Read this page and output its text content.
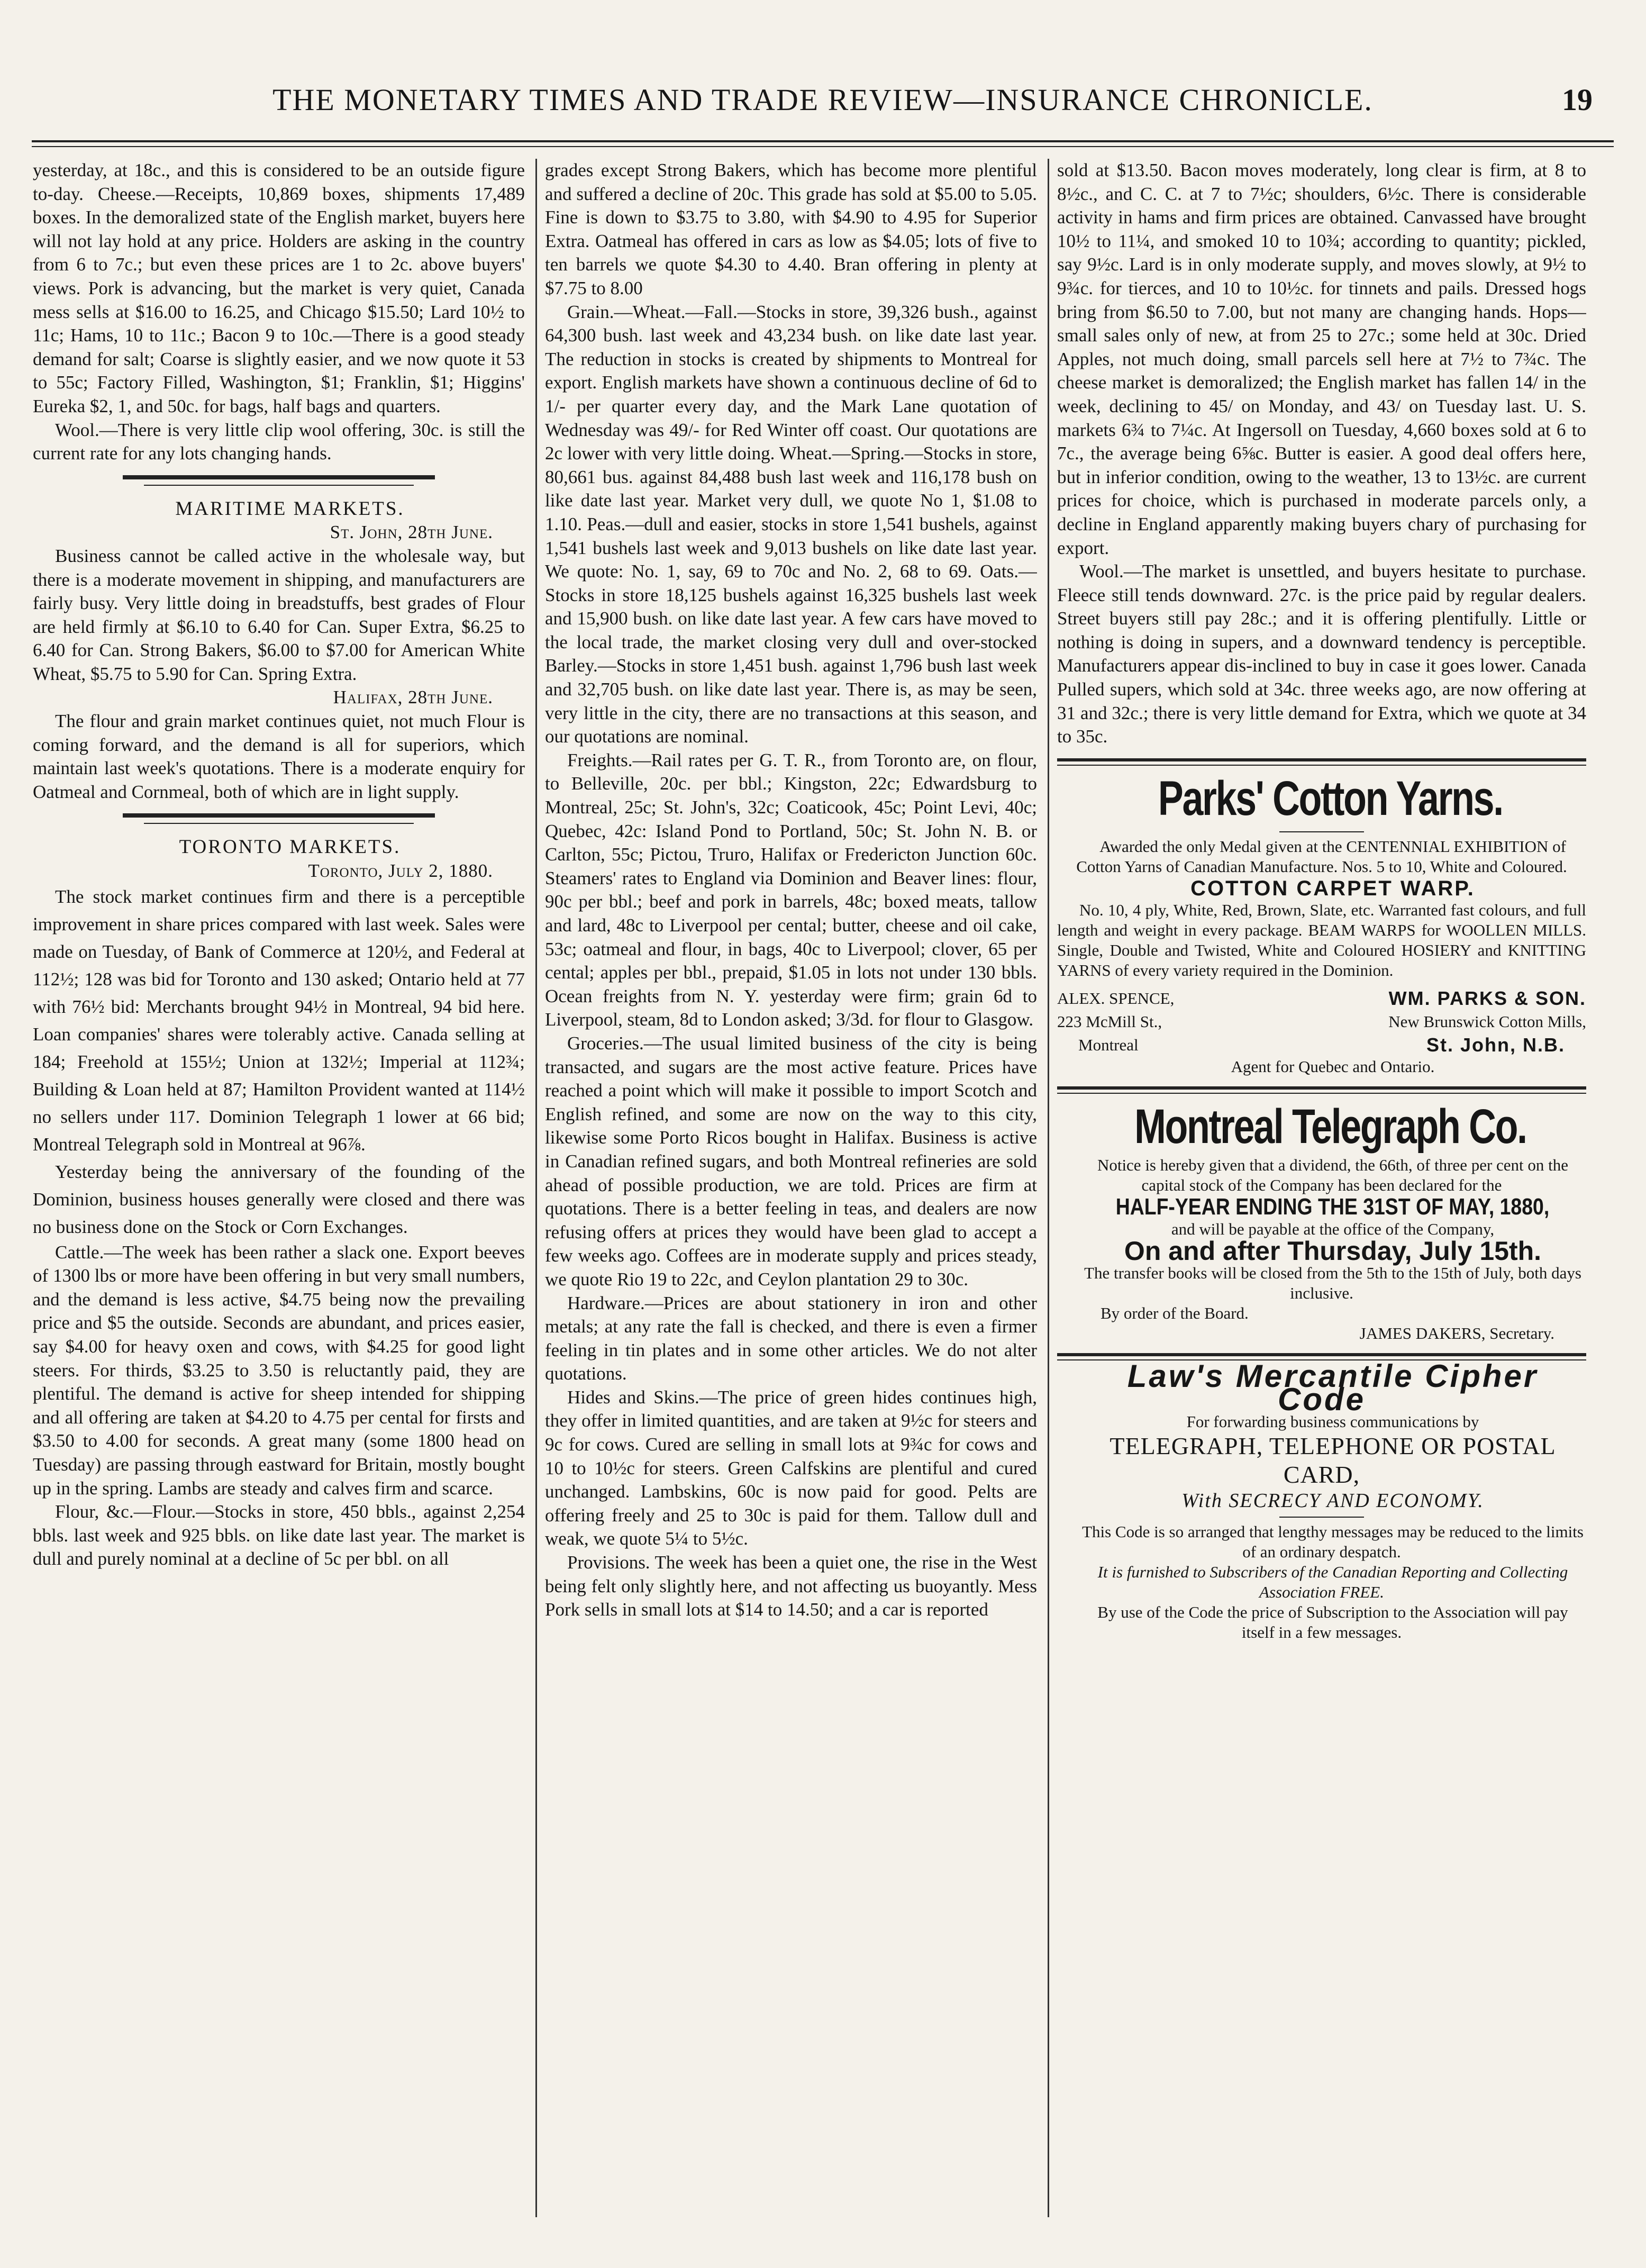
THE MONETARY TIMES AND TRADE REVIEW—INSURANCE CHRONICLE.	19

yesterday, at 18c., and this is considered to be an outside figure to-day. Cheese.—Receipts, 10,869 boxes, shipments 17,489 boxes. In the demoralized state of the English market, buyers here will not lay hold at any price. Holders are asking in the country from 6 to 7c.; but even these prices are 1 to 2c. above buyers' views. Pork is advancing, but the market is very quiet, Canada mess sells at $16.00 to 16.25, and Chicago $15.50; Lard 10½ to 11c; Hams, 10 to 11c.; Bacon 9 to 10c.—There is a good steady demand for salt; Coarse is slightly easier, and we now quote it 53 to 55c; Factory Filled, Washington, $1; Franklin, $1; Higgins' Eureka $2, 1, and 50c. for bags, half bags and quarters.

Wool.—There is very little clip wool offering, 30c. is still the current rate for any lots changing hands.

MARITIME MARKETS.

St. John, 28th June.

Business cannot be called active in the wholesale way, but there is a moderate movement in shipping, and manufacturers are fairly busy. Very little doing in breadstuffs, best grades of Flour are held firmly at $6.10 to 6.40 for Can. Super Extra, $6.25 to 6.40 for Can. Strong Bakers, $6.00 to $7.00 for American White Wheat, $5.75 to 5.90 for Can. Spring Extra.

Halifax, 28th June.

The flour and grain market continues quiet, not much Flour is coming forward, and the demand is all for superiors, which maintain last week's quotations. There is a moderate enquiry for Oatmeal and Cornmeal, both of which are in light supply.

TORONTO MARKETS.

Toronto, July 2, 1880.

The stock market continues firm and there is a perceptible improvement in share prices compared with last week. Sales were made on Tuesday, of Bank of Commerce at 120½, and Federal at 112½; 128 was bid for Toronto and 130 asked; Ontario held at 77 with 76½ bid: Merchants brought 94½ in Montreal, 94 bid here. Loan companies' shares were tolerably active. Canada selling at 184; Freehold at 155½; Union at 132½; Imperial at 112¾; Building & Loan held at 87; Hamilton Provident wanted at 114½ no sellers under 117. Dominion Telegraph 1 lower at 66 bid; Montreal Telegraph sold in Montreal at 96⅞.

Yesterday being the anniversary of the founding of the Dominion, business houses generally were closed and there was no business done on the Stock or Corn Exchanges.

Cattle.—The week has been rather a slack one. Export beeves of 1300 lbs or more have been offering in but very small numbers, and the demand is less active, $4.75 being now the prevailing price and $5 the outside. Seconds are abundant, and prices easier, say $4.00 for heavy oxen and cows, with $4.25 for good light steers. For thirds, $3.25 to 3.50 is reluctantly paid, they are plentiful. The demand is active for sheep intended for shipping and all offering are taken at $4.20 to 4.75 per cental for firsts and $3.50 to 4.00 for seconds. A great many (some 1800 head on Tuesday) are passing through eastward for Britain, mostly bought up in the spring. Lambs are steady and calves firm and scarce.

Flour, &c.—Flour.—Stocks in store, 450 bbls., against 2,254 bbls. last week and 925 bbls. on like date last year. The market is dull and purely nominal at a decline of 5c per bbl. on all

grades except Strong Bakers, which has become more plentiful and suffered a decline of 20c. This grade has sold at $5.00 to 5.05. Fine is down to $3.75 to 3.80, with $4.90 to 4.95 for Superior Extra. Oatmeal has offered in cars as low as $4.05; lots of five to ten barrels we quote $4.30 to 4.40. Bran offering in plenty at $7.75 to 8.00

Grain.—Wheat.—Fall.—Stocks in store, 39,326 bush., against 64,300 bush. last week and 43,234 bush. on like date last year. The reduction in stocks is created by shipments to Montreal for export. English markets have shown a continuous decline of 6d to 1/- per quarter every day, and the Mark Lane quotation of Wednesday was 49/- for Red Winter off coast. Our quotations are 2c lower with very little doing. Wheat.—Spring.—Stocks in store, 80,661 bus. against 84,488 bush last week and 116,178 bush on like date last year. Market very dull, we quote No 1, $1.08 to 1.10. Peas.—dull and easier, stocks in store 1,541 bushels, against 1,541 bushels last week and 9,013 bushels on like date last year. We quote: No. 1, say, 69 to 70c and No. 2, 68 to 69. Oats.—Stocks in store 18,125 bushels against 16,325 bushels last week and 15,900 bush. on like date last year. A few cars have moved to the local trade, the market closing very dull and over-stocked Barley.—Stocks in store 1,451 bush. against 1,796 bush last week and 32,705 bush. on like date last year. There is, as may be seen, very little in the city, there are no transactions at this season, and our quotations are nominal.

Freights.—Rail rates per G. T. R., from Toronto are, on flour, to Belleville, 20c. per bbl.; Kingston, 22c; Edwardsburg to Montreal, 25c; St. John's, 32c; Coaticook, 45c; Point Levi, 40c; Quebec, 42c: Island Pond to Portland, 50c; St. John N. B. or Carlton, 55c; Pictou, Truro, Halifax or Fredericton Junction 60c. Steamers' rates to England via Dominion and Beaver lines: flour, 90c per bbl.; beef and pork in barrels, 48c; boxed meats, tallow and lard, 48c to Liverpool per cental; butter, cheese and oil cake, 53c; oatmeal and flour, in bags, 40c to Liverpool; clover, 65 per cental; apples per bbl., prepaid, $1.05 in lots not under 130 bbls. Ocean freights from N. Y. yesterday were firm; grain 6d to Liverpool, steam, 8d to London asked; 3/3d. for flour to Glasgow.

Groceries.—The usual limited business of the city is being transacted, and sugars are the most active feature. Prices have reached a point which will make it possible to import Scotch and English refined, and some are now on the way to this city, likewise some Porto Ricos bought in Halifax. Business is active in Canadian refined sugars, and both Montreal refineries are sold ahead of possible production, we are told. Prices are firm at quotations. There is a better feeling in teas, and dealers are now refusing offers at prices they would have been glad to accept a few weeks ago. Coffees are in moderate supply and prices steady, we quote Rio 19 to 22c, and Ceylon plantation 29 to 30c.

Hardware.—Prices are about stationery in iron and other metals; at any rate the fall is checked, and there is even a firmer feeling in tin plates and in some other articles. We do not alter quotations.

Hides and Skins.—The price of green hides continues high, they offer in limited quantities, and are taken at 9½c for steers and 9c for cows. Cured are selling in small lots at 9¾c for cows and 10 to 10½c for steers. Green Calfskins are plentiful and cured unchanged. Lambskins, 60c is now paid for good. Pelts are offering freely and 25 to 30c is paid for them. Tallow dull and weak, we quote 5¼ to 5½c.

Provisions. The week has been a quiet one, the rise in the West being felt only slightly here, and not affecting us buoyantly. Mess Pork sells in small lots at $14 to 14.50; and a car is reported

sold at $13.50. Bacon moves moderately, long clear is firm, at 8 to 8½c., and C. C. at 7 to 7½c; shoulders, 6½c. There is considerable activity in hams and firm prices are obtained. Canvassed have brought 10½ to 11¼, and smoked 10 to 10¾; according to quantity; pickled, say 9½c. Lard is in only moderate supply, and moves slowly, at 9½ to 9¾c. for tierces, and 10 to 10½c. for tinnets and pails. Dressed hogs bring from $6.50 to 7.00, but not many are changing hands. Hops—small sales only of new, at from 25 to 27c.; some held at 30c. Dried Apples, not much doing, small parcels sell here at 7½ to 7¾c. The cheese market is demoralized; the English market has fallen 14/ in the week, declining to 45/ on Monday, and 43/ on Tuesday last. U. S. markets 6¾ to 7¼c. At Ingersoll on Tuesday, 4,660 boxes sold at 6 to 7c., the average being 6⅝c. Butter is easier. A good deal offers here, but in inferior condition, owing to the weather, 13 to 13½c. are current prices for choice, which is purchased in moderate parcels only, a decline in England apparently making buyers chary of purchasing for export.

Wool.—The market is unsettled, and buyers hesitate to purchase. Fleece still tends downward. 27c. is the price paid by regular dealers. Street buyers still pay 28c.; and it is offering plentifully. Little or nothing is doing in supers, and a downward tendency is perceptible. Manufacturers appear dis-inclined to buy in case it goes lower. Canada Pulled supers, which sold at 34c. three weeks ago, are now offering at 31 and 32c.; there is very little demand for Extra, which we quote at 34 to 35c.

Parks' Cotton Yarns.

Awarded the only Medal given at the CENTENNIAL EXHIBITION of Cotton Yarns of Canadian Manufacture. Nos. 5 to 10, White and Coloured.

COTTON CARPET WARP.

No. 10, 4 ply, White, Red, Brown, Slate, etc. Warranted fast colours, and full length and weight in every package. BEAM WARPS for WOOLLEN MILLS. Single, Double and Twisted, White and Coloured HOSIERY and KNITTING YARNS of every variety required in the Dominion.

ALEX. SPENCE,	WM. PARKS & SON.
223 McMill St.,	New Brunswick Cotton Mills,
Montreal	St. John, N.B.

Agent for Quebec and Ontario.

Montreal Telegraph Co.

Notice is hereby given that a dividend, the 66th, of three per cent on the capital stock of the Company has been declared for the

HALF-YEAR ENDING THE 31ST OF MAY, 1880,

and will be payable at the office of the Company,

On and after Thursday, July 15th.

The transfer books will be closed from the 5th to the 15th of July, both days inclusive.

By order of the Board.

JAMES DAKERS, Secretary.

Law's Mercantile Cipher Code

For forwarding business communications by

TELEGRAPH, TELEPHONE OR POSTAL CARD,

With SECRECY AND ECONOMY.

This Code is so arranged that lengthy messages may be reduced to the limits of an ordinary despatch.

It is furnished to Subscribers of the Canadian Reporting and Collecting Association FREE.

By use of the Code the price of Subscription to the Association will pay itself in a few messages.
